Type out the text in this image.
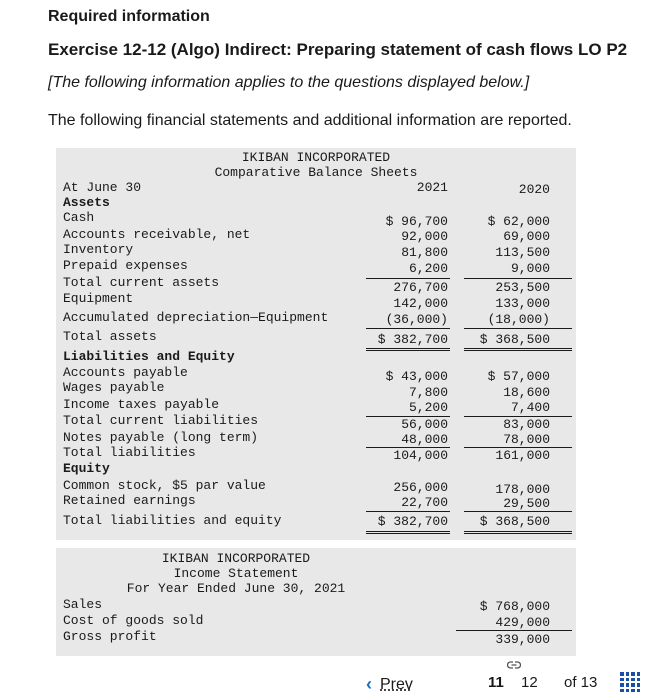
Required information
Exercise 12-12 (Algo) Indirect: Preparing statement of cash flows LO P2
[The following information applies to the questions displayed below.]
The following financial statements and additional information are reported.
IKIBAN INCORPORATED
Comparative Balance Sheets
At June 30	2021	2020
Assets
Cash	$ 96,700	$ 62,000
Accounts receivable, net	92,000	69,000
Inventory	81,800	113,500
Prepaid expenses	6,200	9,000
Total current assets	276,700	253,500
Equipment	142,000	133,000
Accumulated depreciation—Equipment	(36,000)	(18,000)
Total assets	$ 382,700 $ 368,500
Liabilities and Equity
Accounts payable	$ 43,000	$ 57,000
Wages payable	7,800	18,600
Income taxes payable	5,200	7,400
Total current liabilities	56,000	83,000
Notes payable (long term)	48,000	78,000
Total liabilities	104,000	161,000
Equity
Common stock, $5 par value	256,000	178,000
Retained earnings	22,700	29,500
Total liabilities and equity	$ 382,700 $ 368,500
IKIBAN INCORPORATED
Income Statement
For Year Ended June 30, 2021
Sales	$ 768,000
Cost of goods sold	429,000
Gross profit	339,000
‹ Prev	11 12 of 13
